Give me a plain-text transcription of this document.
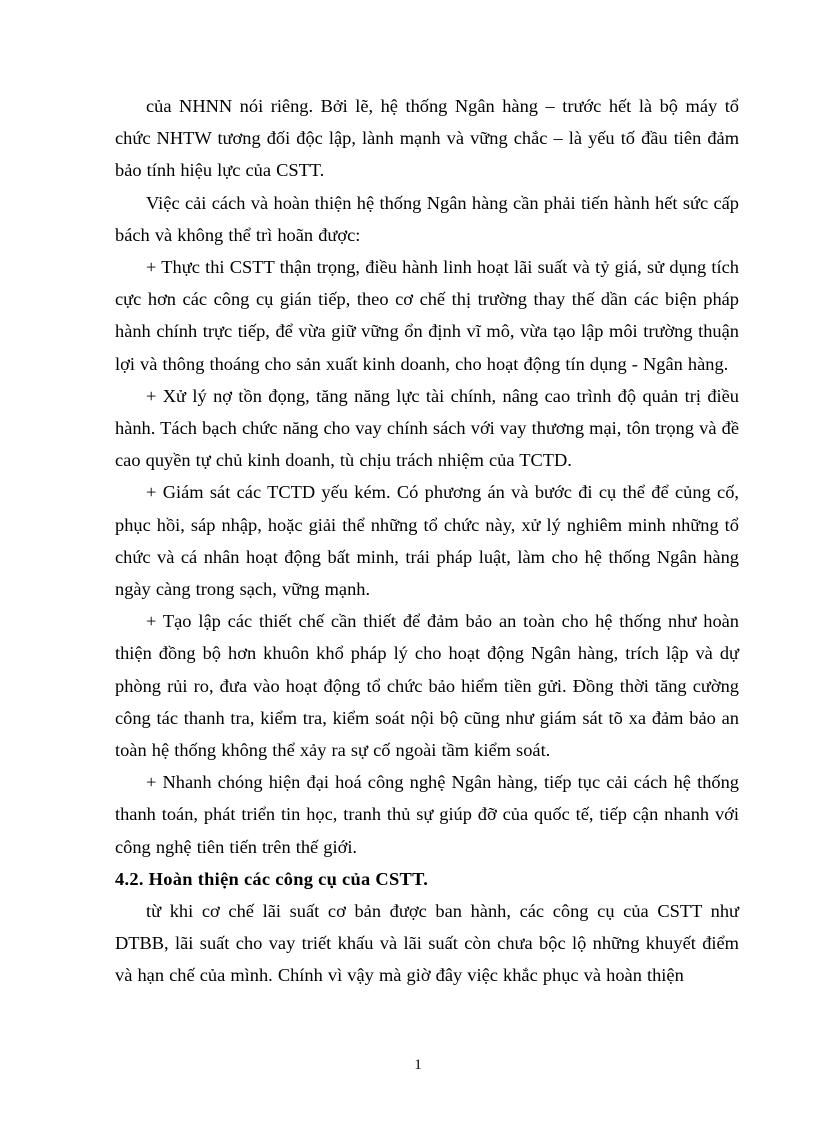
của NHNN nói riêng. Bởi lẽ, hệ thống Ngân hàng – trước hết là bộ máy tổ chức NHTW tương đối độc lập, lành mạnh và vững chắc – là yếu tố đầu tiên đảm bảo tính hiệu lực của CSTT.

Việc cải cách và hoàn thiện hệ thống Ngân hàng cần phải tiến hành hết sức cấp bách và không thể trì hoãn được:

+ Thực thi CSTT thận trọng, điều hành linh hoạt lãi suất và tỷ giá, sử dụng tích cực hơn các công cụ gián tiếp, theo cơ chế thị trường thay thế dần các biện pháp hành chính trực tiếp, để vừa giữ vững ổn định vĩ mô, vừa tạo lập môi trường thuận lợi và thông thoáng cho sản xuất kinh doanh, cho hoạt động tín dụng - Ngân hàng.

+ Xử lý nợ tồn đọng, tăng năng lực tài chính, nâng cao trình độ quản trị điều hành. Tách bạch chức năng cho vay chính sách với vay thương mại, tôn trọng và đề cao quyền tự chủ kinh doanh, tù chịu trách nhiệm của TCTD.

+ Giám sát các TCTD yếu kém. Có phương án và bước đi cụ thể để củng cố, phục hồi, sáp nhập, hoặc giải thể những tổ chức này, xử lý nghiêm minh những tổ chức và cá nhân hoạt động bất minh, trái pháp luật, làm cho hệ thống Ngân hàng ngày càng trong sạch, vững mạnh.

+ Tạo lập các thiết chế cần thiết để đảm bảo an toàn cho hệ thống như hoàn thiện đồng bộ hơn khuôn khổ pháp lý cho hoạt động Ngân hàng, trích lập và dự phòng rủi ro, đưa vào hoạt động tổ chức bảo hiểm tiền gửi. Đồng thời tăng cường công tác thanh tra, kiểm tra, kiểm soát nội bộ cũng như giám sát tõ xa đảm bảo an toàn hệ thống không thể xảy ra sự cố ngoài tầm kiểm soát.

+ Nhanh chóng hiện đại hoá công nghệ Ngân hàng, tiếp tục cải cách hệ thống thanh toán, phát triển tin học, tranh thủ sự giúp đỡ của quốc tế, tiếp cận nhanh với công nghệ tiên tiến trên thế giới.

4.2. Hoàn thiện các công cụ của CSTT.

từ khi cơ chế lãi suất cơ bản được ban hành, các công cụ của CSTT như DTBB, lãi suất cho vay triết khấu và lãi suất còn chưa bộc lộ những khuyết điểm và hạn chế của mình. Chính vì vậy mà giờ đây việc khắc phục và hoàn thiện

1
